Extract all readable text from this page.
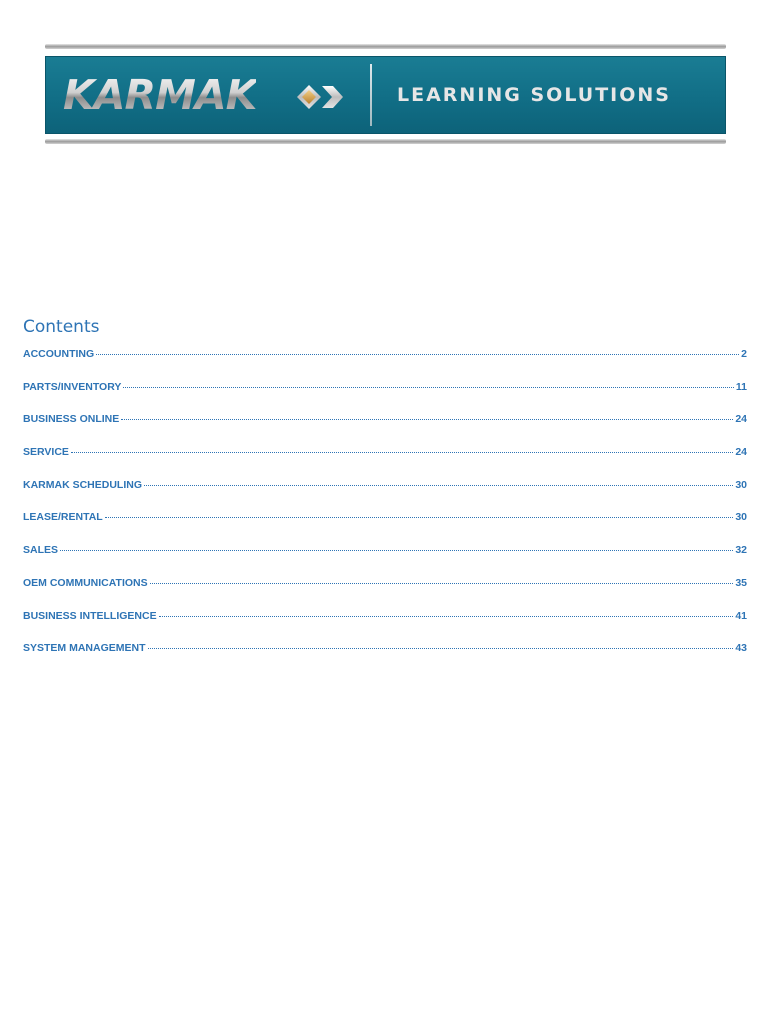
KARMAK	LEARNING SOLUTIONS
Contents
ACCOUNTING	2
PARTS/INVENTORY	11
BUSINESS ONLINE	24
SERVICE	24
KARMAK SCHEDULING	30
LEASE/RENTAL	30
SALES	32
OEM COMMUNICATIONS	35
BUSINESS INTELLIGENCE	41
SYSTEM MANAGEMENT	43
